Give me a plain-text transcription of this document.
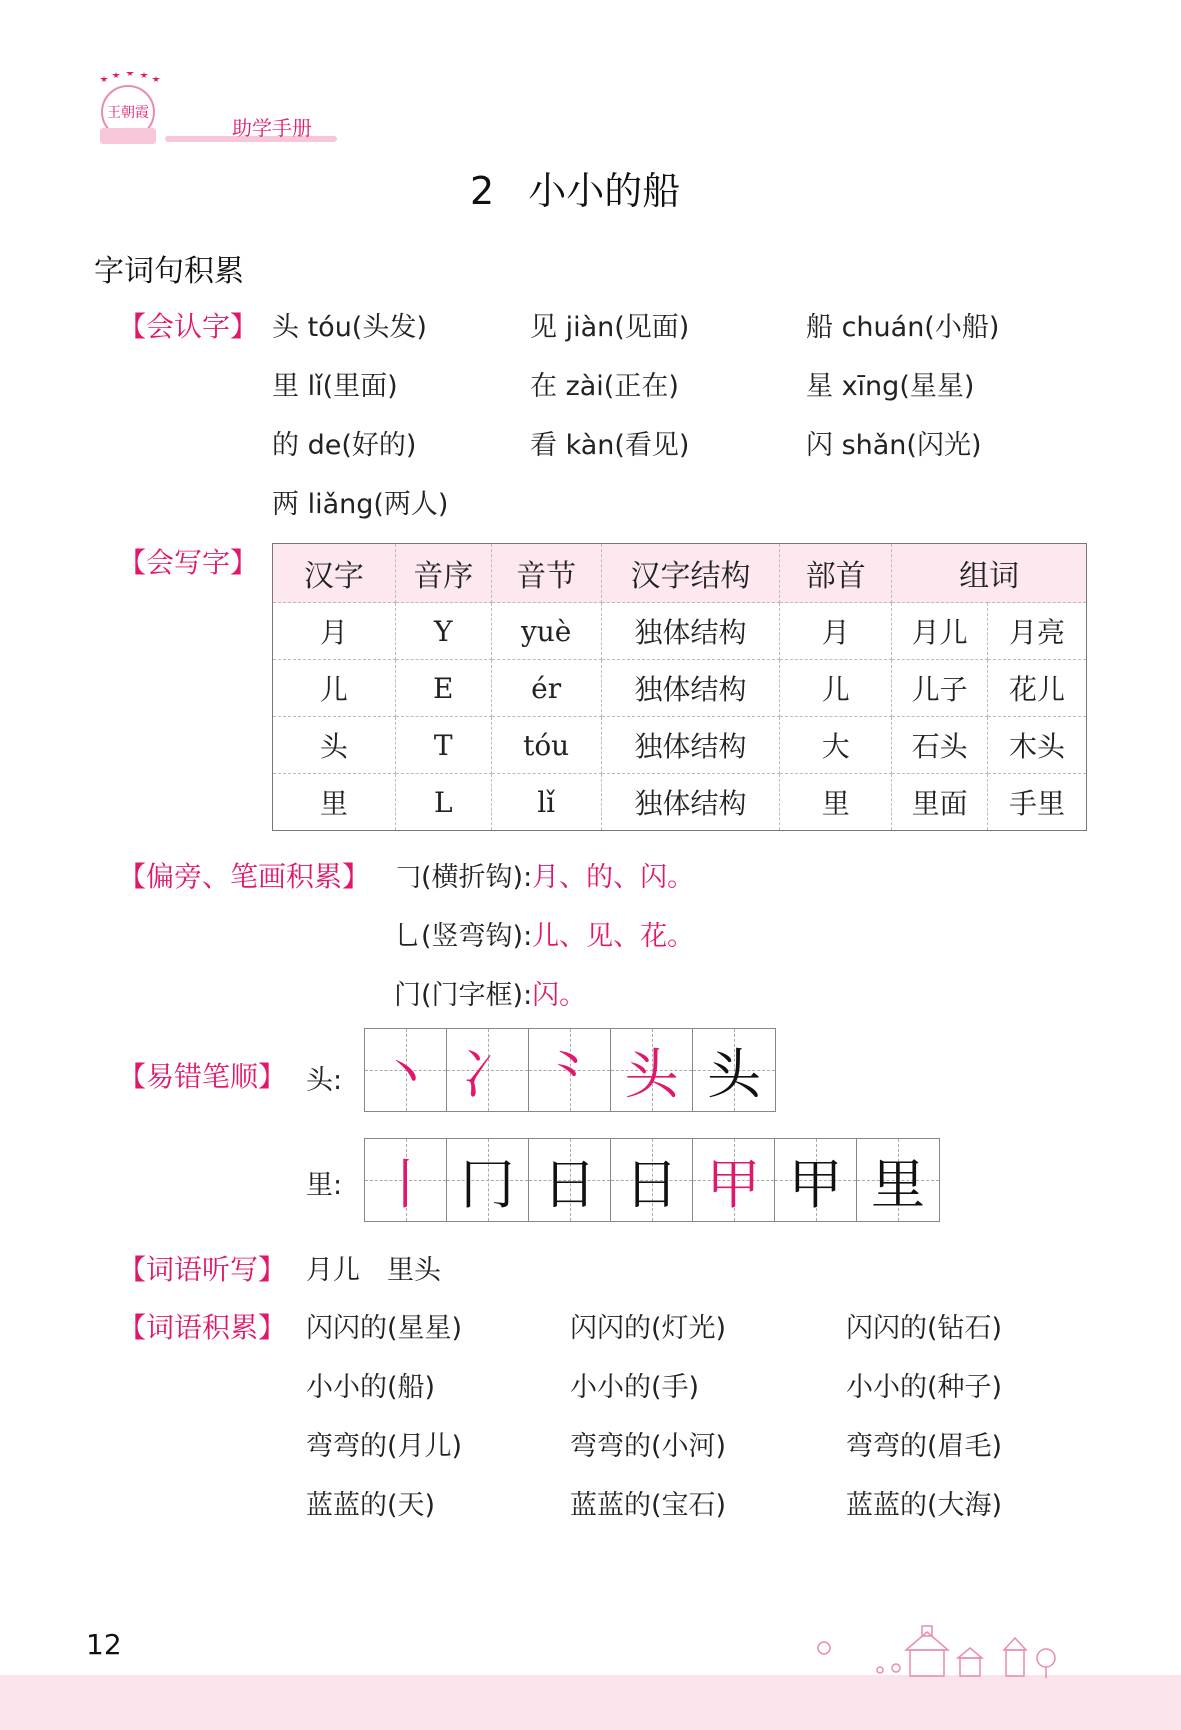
王朝霞
助学手册
2 小小的船
字词句积累
【会认字】 头 tóu(头发)	见 jiàn(见面)	船 chuán(小船)
里 lǐ(里面)	在 zài(正在)	星 xīng(星星)
的 de(好的)	看 kàn(看见)	闪 shǎn(闪光)
两 liǎng(两人)
【会写字】 汉字	音序	音节	汉字结构	部首	组词	
月	Y	yuè	独体结构	月	月儿	月亮
儿	E	ér	独体结构	儿	儿子	花儿
头	T	tóu	独体结构	大	石头	木头
里	L	lǐ	独体结构	里	里面	手里
【偏旁、笔画积累】 𠃌(横折钩):月、的、闪。
乚(竖弯钩):儿、见、花。
门(门字框):闪。
【易错笔顺】 头: 丶 冫 ⺀ 头 头
里: 丨 冂 日 日 甲 甲 里
【词语听写】 月儿　里头
【词语积累】 闪闪的(星星)	闪闪的(灯光)	闪闪的(钻石)
小小的(船)	小小的(手)	小小的(种子)
弯弯的(月儿)	弯弯的(小河)	弯弯的(眉毛)
蓝蓝的(天)	蓝蓝的(宝石)	蓝蓝的(大海)
12
